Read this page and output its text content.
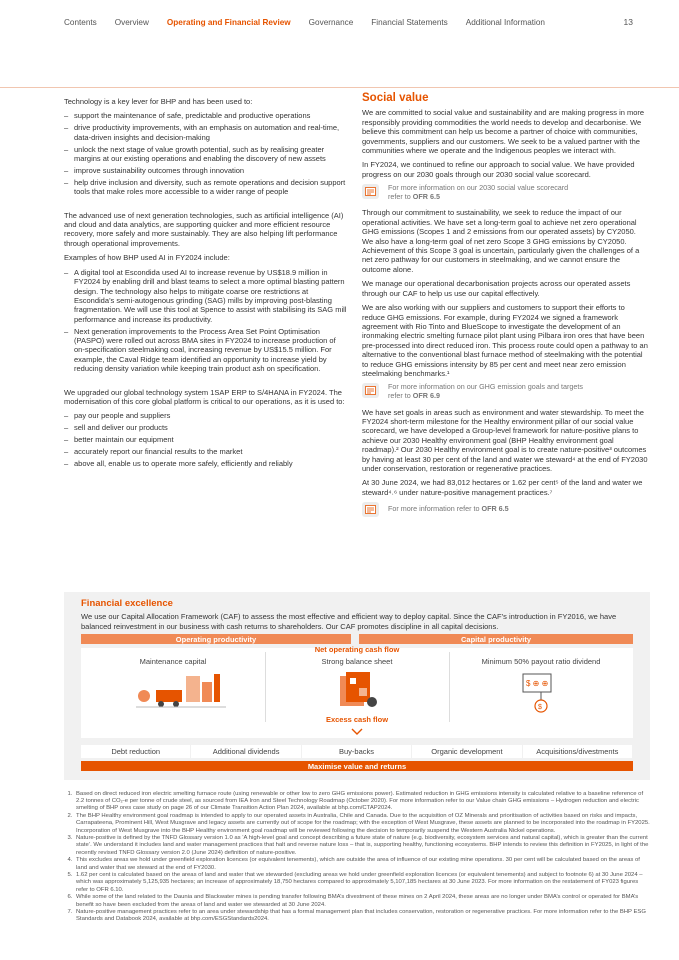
Contents Overview Operating and Financial Review Governance Financial Statements Additional Information	13

Technology is a key lever for BHP and has been used to:

– support the maintenance of safe, predictable and productive operations
– drive productivity improvements, with an emphasis on automation and real-time, data-driven insights and decision-making
– unlock the next stage of value growth potential, such as by realising greater margins at our existing operations and enabling the discovery of new assets
– improve sustainability outcomes through innovation
– help drive inclusion and diversity, such as remote operations and decision support tools that make roles more accessible to a wider range of people

The advanced use of next generation technologies, such as artificial intelligence (AI) and cloud and data analytics, are supporting quicker and more efficient resource recovery, more safely and more sustainably. They are also helping lift performance through operational improvements.

Examples of how BHP used AI in FY2024 include:

– A digital tool at Escondida used AI to increase revenue by US$18.9 million in FY2024 by enabling drill and blast teams to select a more optimal blasting pattern design. The technology also helps to mitigate coarse ore restrictions at Escondida’s semi-autogenous grinding (SAG) mills by improving post-blasting fragmentation. We will use this tool at Spence to assist with stabilising its SAG mill performance and increase its productivity.
– Next generation improvements to the Process Area Set Point Optimisation (PASPO) were rolled out across BMA sites in FY2024 to increase production of on-specification steelmaking coal, increasing revenue by US$15.5 million. For example, the Caval Ridge team identified an opportunity to increase yield by reducing density variation while keeping train product ash on specification.

We upgraded our global technology system 1SAP ERP to S/4HANA in FY2024. The modernisation of this core global platform is critical to our operations, as it is used to:

– pay our people and suppliers
– sell and deliver our products
– better maintain our equipment
– accurately report our financial results to the market
– above all, enable us to operate more safely, efficiently and reliably
Social value

We are committed to social value and sustainability and are making progress in more responsibly providing commodities the world needs to develop and decarbonise. We believe this commitment can help us become a partner of choice with communities, governments, suppliers and our customers. We seek to be a valued partner with the communities where we operate and the Indigenous peoples we interact with.

In FY2024, we continued to refine our approach to social value. We have provided progress on our 2030 goals through our 2030 social value scorecard.

For more information on our 2030 social value scorecard
refer to OFR 6.5

Through our commitment to sustainability, we seek to reduce the impact of our operational activities. We have set a long-term goal to achieve net zero operational GHG emissions (Scopes 1 and 2 emissions from our operated assets) by CY2050. We also have a long-term goal of net zero Scope 3 GHG emissions by CY2050. Achievement of this Scope 3 goal is uncertain, particularly given the challenges of a net zero pathway for our customers in steelmaking, and we cannot ensure the outcome alone.

We manage our operational decarbonisation projects across our operated assets through our CAF to help us use our capital effectively.

We are also working with our suppliers and customers to support their efforts to reduce GHG emissions. For example, during FY2024 we signed a framework agreement with Rio Tinto and BlueScope to investigate the development of an ironmaking electric smelting furnace pilot plant using Pilbara iron ores that have been pre-processed into direct reduced iron. This process route could open a pathway to an alternative to the conventional blast furnace method of steelmaking with the potential to reduce GHG emissions intensity by 85 per cent and meet near zero emission steelmaking benchmarks.¹

For more information on our GHG emission goals and targets
refer to OFR 6.9

We have set goals in areas such as environment and water stewardship. To meet the FY2024 short-term milestone for the Healthy environment pillar of our social value scorecard, we have developed a Group-level framework for nature-positive plans to achieve our 2030 Healthy environment goal (BHP Healthy environment goal roadmap).² Our 2030 Healthy environment goal is to create nature-positive³ outcomes by having at least 30 per cent of the land and water we steward⁴ at the end of FY2030 under conservation, restoration or regenerative practices.

At 30 June 2024, we had 83,012 hectares or 1.62 per cent⁵ of the land and water we steward⁴˒⁶ under nature-positive management practices.⁷

For more information refer to OFR 6.5
Financial excellence

We use our Capital Allocation Framework (CAF) to assess the most effective and efficient way to deploy capital. Since the CAF’s introduction in FY2016, we have balanced reinvestment in our business with cash returns to shareholders. Our CAF promotes discipline in all capital decisions.

Operating productivity	Capital productivity
Net operating cash flow
Maintenance capital	Strong balance sheet	Minimum 50% payout ratio dividend
$ ⊕ ⊕
$
Excess cash flow
Debt reduction	Additional dividends	Buy-backs	Organic development	Acquisitions/divestments
Maximise value and returns
1. Based on direct reduced iron electric smelting furnace route (using renewable or other low to zero GHG emissions power). Estimated reduction in GHG emissions intensity is calculated relative to a baseline reference of 2.2 tonnes of CO₂-e per tonne of crude steel, as sourced from IEA Iron and Steel Technology Roadmap (October 2020). For more information refer to our Value chain GHG emissions – Hydrogen reduction and electric smelting of BHP ores case study on page 26 of our Climate Transition Action Plan 2024, available at bhp.com/CTAP2024.
2. The BHP Healthy environment goal roadmap is intended to apply to our operated assets in Australia, Chile and Canada. Due to the acquisition of OZ Minerals and prioritisation of activities based on risks and impacts, Carrapateena, Prominent Hill, West Musgrave and legacy assets are currently out of scope for the roadmap; with the exception of West Musgrave, these assets are planned to be incorporated into the roadmap in FY2025. Incorporation of West Musgrave into the BHP Healthy environment goal roadmap will be reviewed following the decision to temporarily suspend the Western Australia Nickel operations.
3. Nature-positive is defined by the TNFD Glossary version 1.0 as ‘A high-level goal and concept describing a future state of nature (e.g. biodiversity, ecosystem services and natural capital), which is greater than the current state’. We understand it includes land and water management practices that halt and reverse nature loss – that is, supporting healthy, functioning ecosystems. BHP intends to review this definition in FY2025, in light of the recently revised TNFD Glossary version 2.0 (June 2024) definition of nature-positive.
4. This excludes areas we hold under greenfield exploration licences (or equivalent tenements), which are outside the area of influence of our existing mine operations. 30 per cent will be calculated based on the areas of land and water that we steward at the end of FY2030.
5. 1.62 per cent is calculated based on the areas of land and water that we stewarded (excluding areas we hold under greenfield exploration licences (or equivalent tenements) and subject to footnote 6) at 30 June 2024 – which was approximately 5,125,935 hectares; an increase of approximately 18,750 hectares compared to approximately 5,107,185 hectares at 30 June 2023. For more information on the restatement of FY023 figures refer to OFR 6.10.
6. While some of the land related to the Daunia and Blackwater mines is pending transfer following BMA’s divestment of these mines on 2 April 2024, these areas are no longer under BMA’s control or operated for BMA’s benefit so have been excluded from the areas of land and water we stewarded at 30 June 2024.
7. Nature-positive management practices refer to an area under stewardship that has a formal management plan that includes conservation, restoration or regenerative practices. For more information refer to the BHP ESG Standards and Databook 2024, available at bhp.com/ESGStandards2024.
